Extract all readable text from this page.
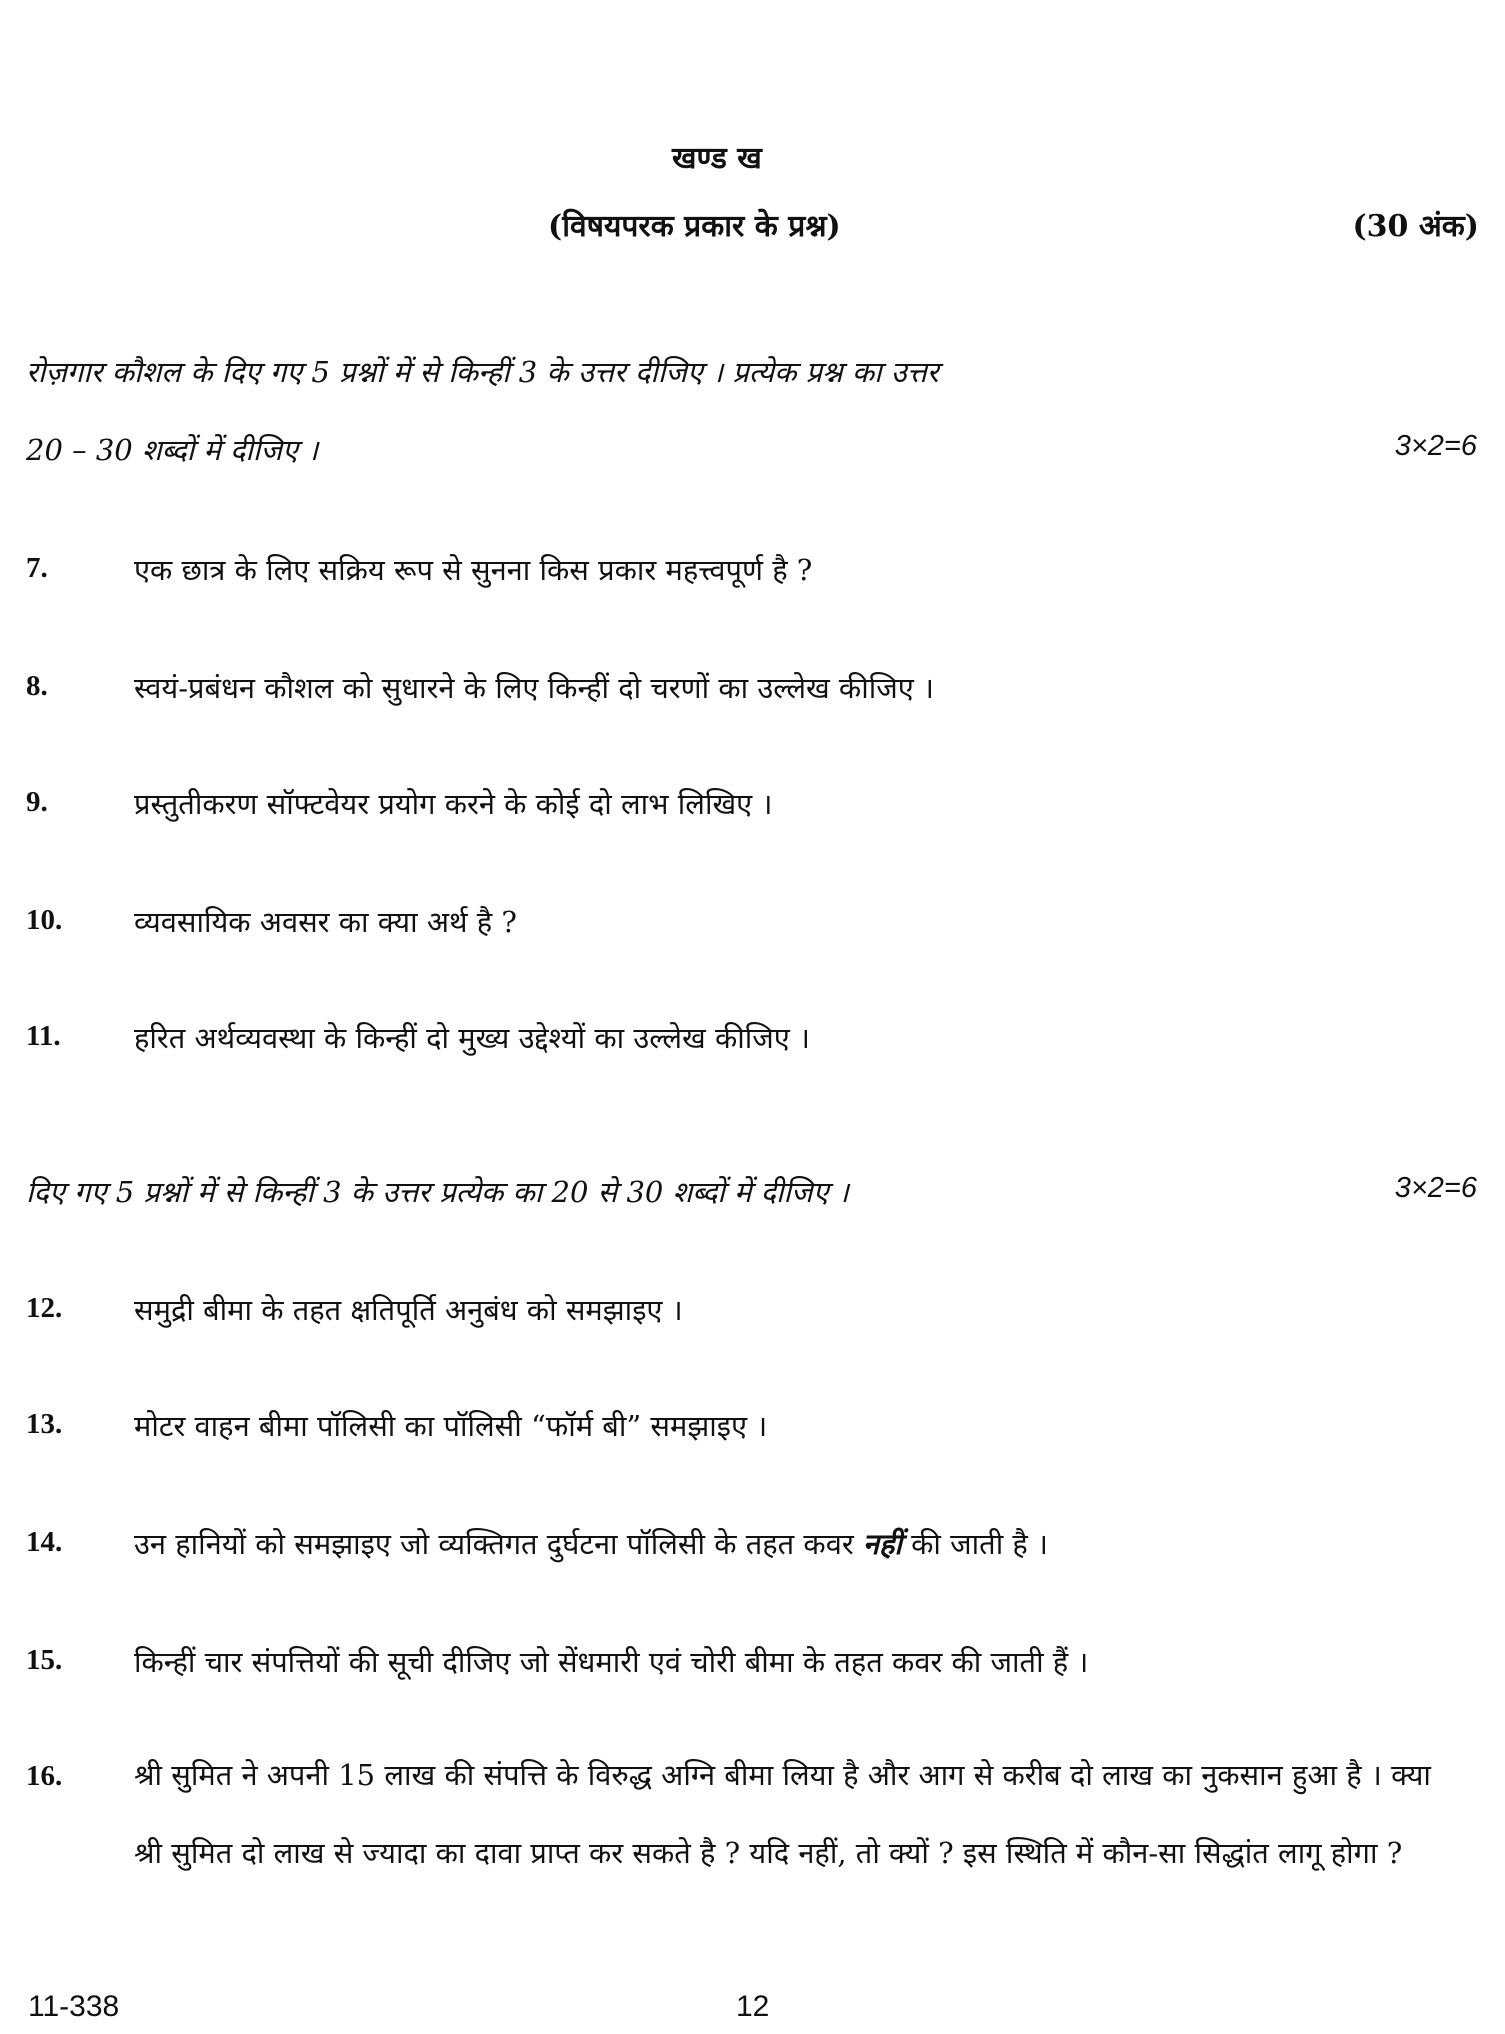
खण्ड ख
(विषयपरक प्रकार के प्रश्न)	(30 अंक)
रोज़गार कौशल के दिए गए 5 प्रश्नों में से किन्हीं 3 के उत्तर दीजिए । प्रत्येक प्रश्न का उत्तर
20 – 30 शब्दों में दीजिए ।	3×2=6
7.	एक छात्र के लिए सक्रिय रूप से सुनना किस प्रकार महत्त्वपूर्ण है ?
8.	स्वयं-प्रबंधन कौशल को सुधारने के लिए किन्हीं दो चरणों का उल्लेख कीजिए ।
9.	प्रस्तुतीकरण सॉफ्टवेयर प्रयोग करने के कोई दो लाभ लिखिए ।
10.	व्यवसायिक अवसर का क्या अर्थ है ?
11.	हरित अर्थव्यवस्था के किन्हीं दो मुख्य उद्देश्यों का उल्लेख कीजिए ।
दिए गए 5 प्रश्नों में से किन्हीं 3 के उत्तर प्रत्येक का 20 से 30 शब्दों में दीजिए ।	3×2=6
12.	समुद्री बीमा के तहत क्षतिपूर्ति अनुबंध को समझाइए ।
13.	मोटर वाहन बीमा पॉलिसी का पॉलिसी “फॉर्म बी” समझाइए ।
14.	उन हानियों को समझाइए जो व्यक्तिगत दुर्घटना पॉलिसी के तहत कवर नहीं की जाती है ।
15.	किन्हीं चार संपत्तियों की सूची दीजिए जो सेंधमारी एवं चोरी बीमा के तहत कवर की जाती हैं ।
16.	श्री सुमित ने अपनी 15 लाख की संपत्ति के विरुद्ध अग्नि बीमा लिया है और आग से करीब दो लाख का नुकसान हुआ है । क्या श्री सुमित दो लाख से ज्यादा का दावा प्राप्त कर सकते है ? यदि नहीं, तो क्यों ? इस स्थिति में कौन-सा सिद्धांत लागू होगा ?
11-338	12
